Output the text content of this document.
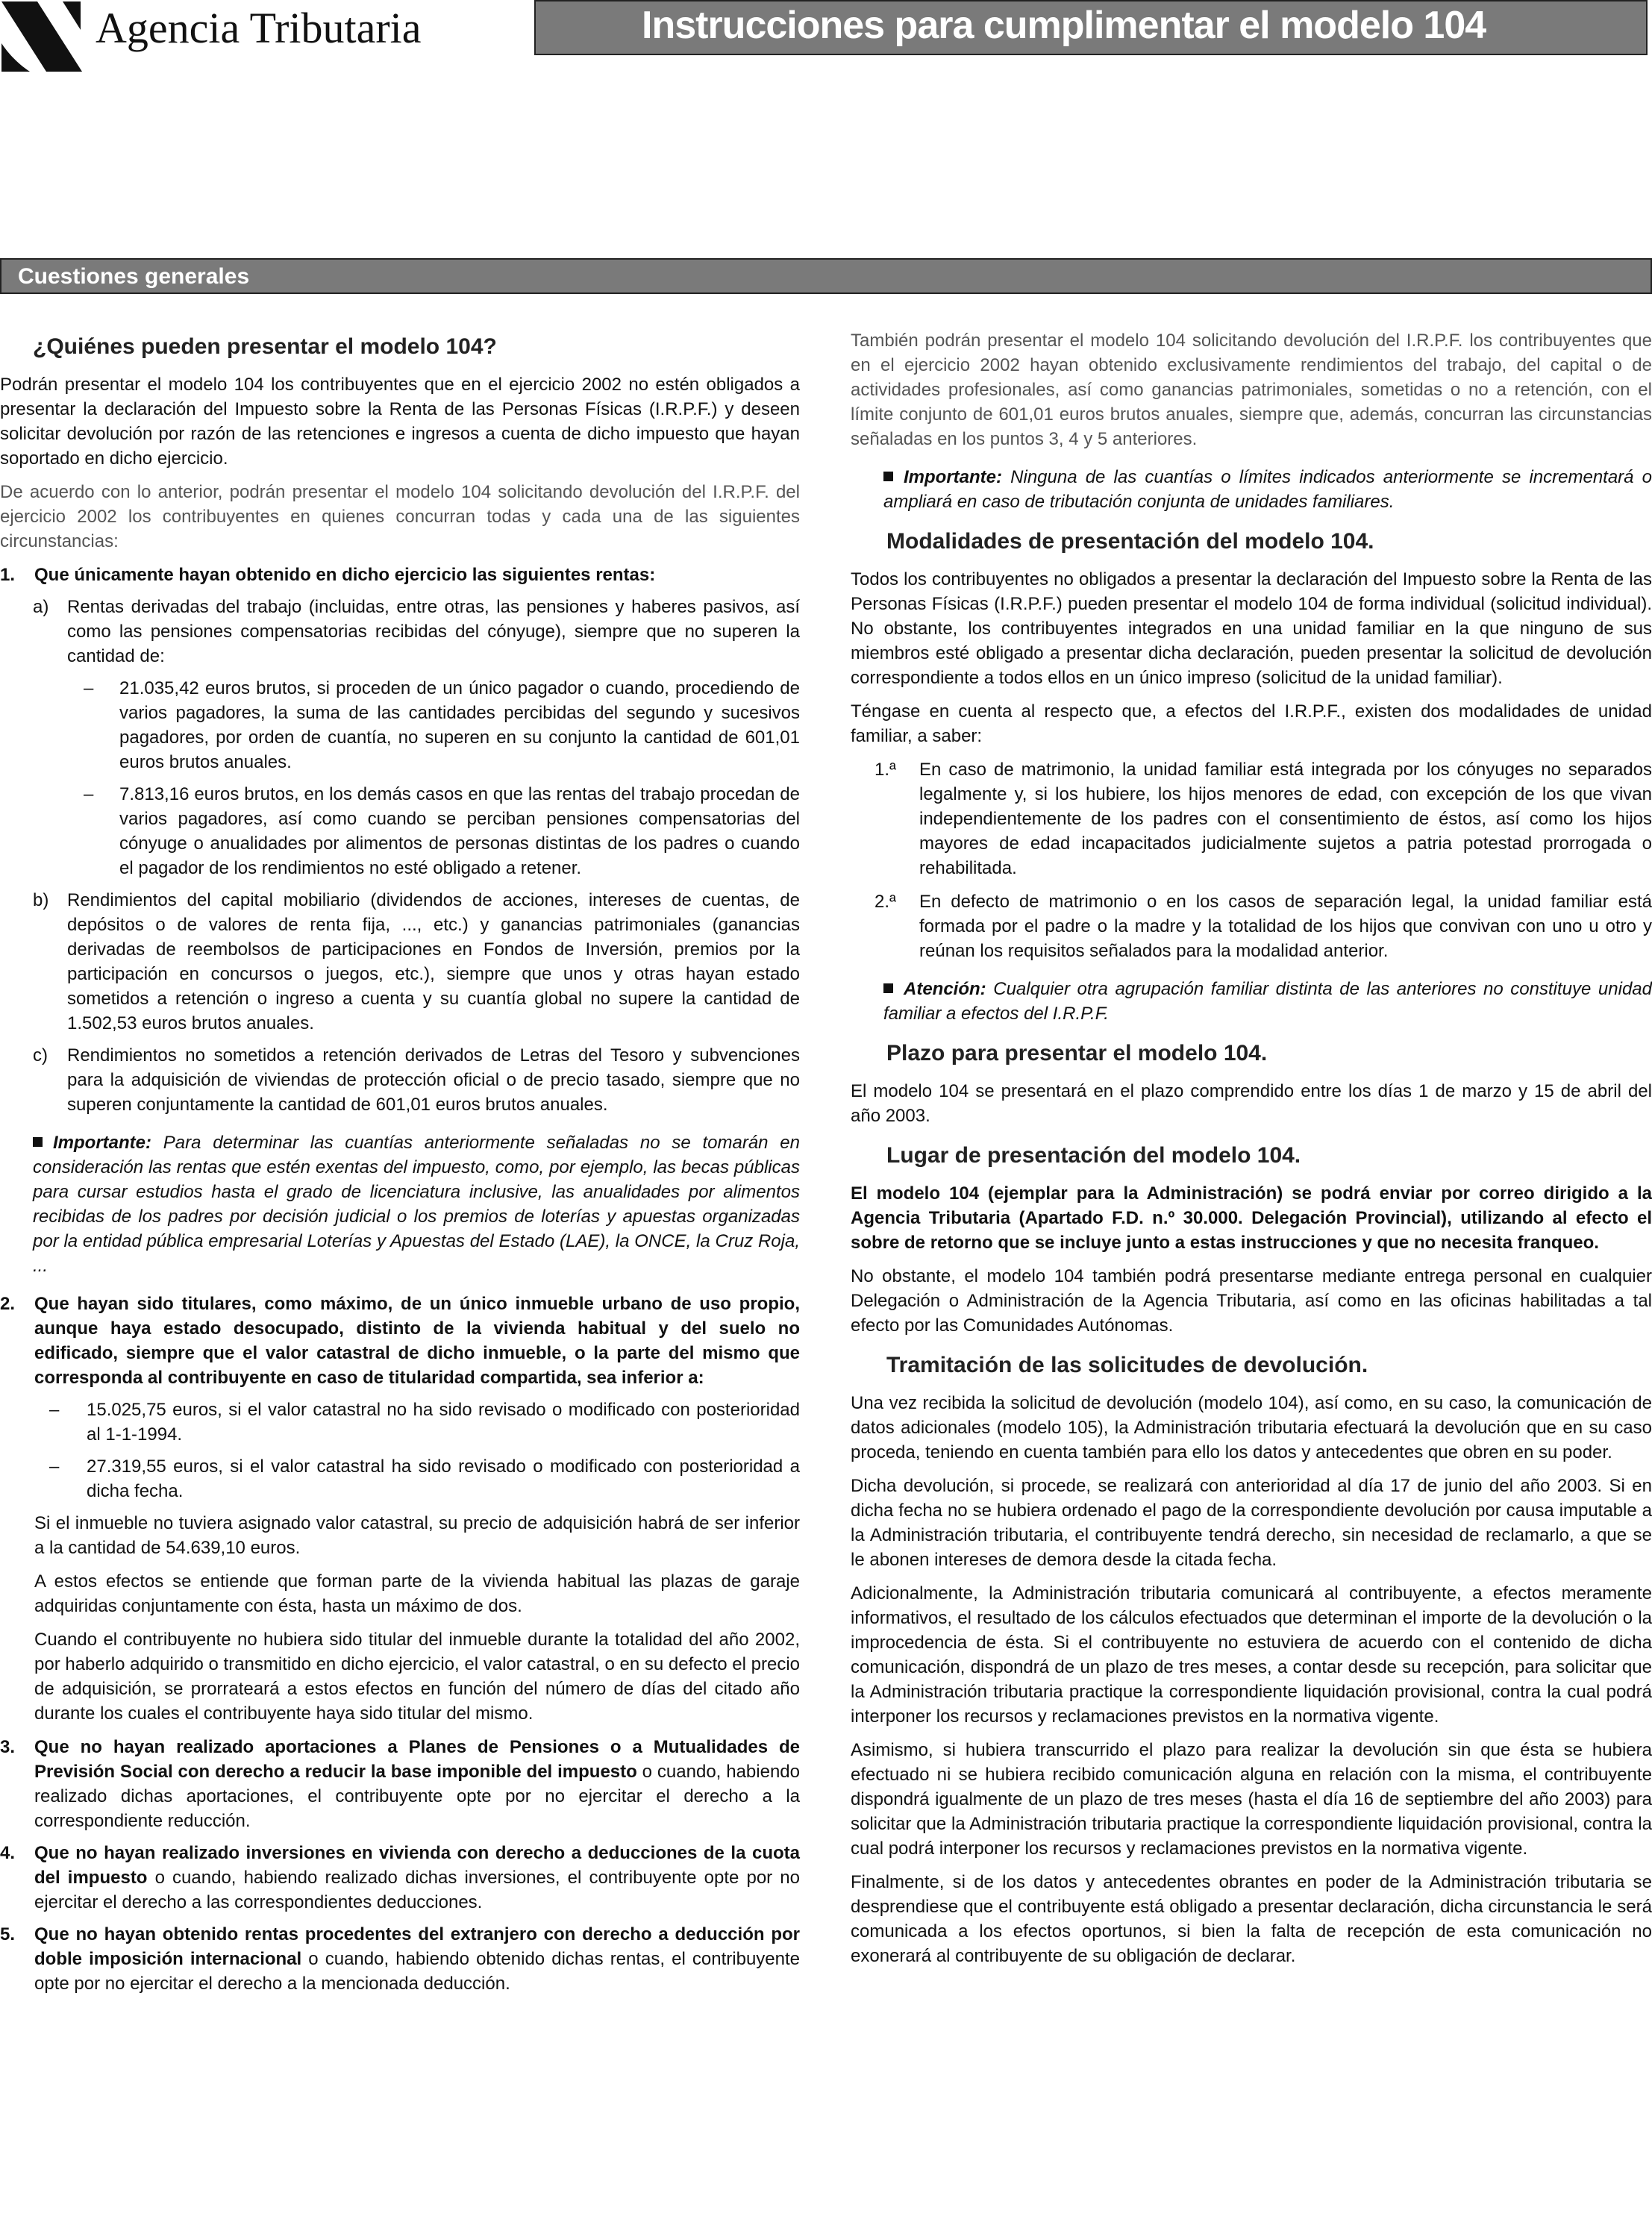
Agencia Tributaria	Instrucciones para cumplimentar el modelo 104
Cuestiones generales

¿Quiénes pueden presentar el modelo 104?

Podrán presentar el modelo 104 los contribuyentes que en el ejercicio 2002 no estén obligados a presentar la declaración del Impuesto sobre la Renta de las Personas Físicas (I.R.P.F.) y deseen solicitar devolución por razón de las retenciones e ingresos a cuenta de dicho impuesto que hayan soportado en dicho ejercicio.

De acuerdo con lo anterior, podrán presentar el modelo 104 solicitando devolución del I.R.P.F. del ejercicio 2002 los contribuyentes en quienes concurran todas y cada una de las siguientes circunstancias:

1. Que únicamente hayan obtenido en dicho ejercicio las siguientes rentas:
a) Rentas derivadas del trabajo (incluidas, entre otras, las pensiones y haberes pasivos, así como las pensiones compensatorias recibidas del cónyuge), siempre que no superen la cantidad de:
– 21.035,42 euros brutos, si proceden de un único pagador o cuando, procediendo de varios pagadores, la suma de las cantidades percibidas del segundo y sucesivos pagadores, por orden de cuantía, no superen en su conjunto la cantidad de 601,01 euros brutos anuales.
– 7.813,16 euros brutos, en los demás casos en que las rentas del trabajo procedan de varios pagadores, así como cuando se perciban pensiones compensatorias del cónyuge o anualidades por alimentos de personas distintas de los padres o cuando el pagador de los rendimientos no esté obligado a retener.
b) Rendimientos del capital mobiliario (dividendos de acciones, intereses de cuentas, de depósitos o de valores de renta fija, ..., etc.) y ganancias patrimoniales (ganancias derivadas de reembolsos de participaciones en Fondos de Inversión, premios por la participación en concursos o juegos, etc.), siempre que unos y otras hayan estado sometidos a retención o ingreso a cuenta y su cuantía global no supere la cantidad de 1.502,53 euros brutos anuales.
c) Rendimientos no sometidos a retención derivados de Letras del Tesoro y subvenciones para la adquisición de viviendas de protección oficial o de precio tasado, siempre que no superen conjuntamente la cantidad de 601,01 euros brutos anuales.

Importante: Para determinar las cuantías anteriormente señaladas no se tomarán en consideración las rentas que estén exentas del impuesto, como, por ejemplo, las becas públicas para cursar estudios hasta el grado de licenciatura inclusive, las anualidades por alimentos recibidas de los padres por decisión judicial o los premios de loterías y apuestas organizadas por la entidad pública empresarial Loterías y Apuestas del Estado (LAE), la ONCE, la Cruz Roja, ...

2. Que hayan sido titulares, como máximo, de un único inmueble urbano de uso propio, aunque haya estado desocupado, distinto de la vivienda habitual y del suelo no edificado, siempre que el valor catastral de dicho inmueble, o la parte del mismo que corresponda al contribuyente en caso de titularidad compartida, sea inferior a:
– 15.025,75 euros, si el valor catastral no ha sido revisado o modificado con posterioridad al 1-1-1994.
– 27.319,55 euros, si el valor catastral ha sido revisado o modificado con posterioridad a dicha fecha.

Si el inmueble no tuviera asignado valor catastral, su precio de adquisición habrá de ser inferior a la cantidad de 54.639,10 euros.

A estos efectos se entiende que forman parte de la vivienda habitual las plazas de garaje adquiridas conjuntamente con ésta, hasta un máximo de dos.

Cuando el contribuyente no hubiera sido titular del inmueble durante la totalidad del año 2002, por haberlo adquirido o transmitido en dicho ejercicio, el valor catastral, o en su defecto el precio de adquisición, se prorrateará a estos efectos en función del número de días del citado año durante los cuales el contribuyente haya sido titular del mismo.

3. Que no hayan realizado aportaciones a Planes de Pensiones o a Mutualidades de Previsión Social con derecho a reducir la base imponible del impuesto o cuando, habiendo realizado dichas aportaciones, el contribuyente opte por no ejercitar el derecho a la correspondiente reducción.
4. Que no hayan realizado inversiones en vivienda con derecho a deducciones de la cuota del impuesto o cuando, habiendo realizado dichas inversiones, el contribuyente opte por no ejercitar el derecho a las correspondientes deducciones.
5. Que no hayan obtenido rentas procedentes del extranjero con derecho a deducción por doble imposición internacional o cuando, habiendo obtenido dichas rentas, el contribuyente opte por no ejercitar el derecho a la mencionada deducción.

También podrán presentar el modelo 104 solicitando devolución del I.R.P.F. los contribuyentes que en el ejercicio 2002 hayan obtenido exclusivamente rendimientos del trabajo, del capital o de actividades profesionales, así como ganancias patrimoniales, sometidas o no a retención, con el límite conjunto de 601,01 euros brutos anuales, siempre que, además, concurran las circunstancias señaladas en los puntos 3, 4 y 5 anteriores.

Importante: Ninguna de las cuantías o límites indicados anteriormente se incrementará o ampliará en caso de tributación conjunta de unidades familiares.

Modalidades de presentación del modelo 104.

Todos los contribuyentes no obligados a presentar la declaración del Impuesto sobre la Renta de las Personas Físicas (I.R.P.F.) pueden presentar el modelo 104 de forma individual (solicitud individual). No obstante, los contribuyentes integrados en una unidad familiar en la que ninguno de sus miembros esté obligado a presentar dicha declaración, pueden presentar la solicitud de devolución correspondiente a todos ellos en un único impreso (solicitud de la unidad familiar).

Téngase en cuenta al respecto que, a efectos del I.R.P.F., existen dos modalidades de unidad familiar, a saber:

1.ª En caso de matrimonio, la unidad familiar está integrada por los cónyuges no separados legalmente y, si los hubiere, los hijos menores de edad, con excepción de los que vivan independientemente de los padres con el consentimiento de éstos, así como los hijos mayores de edad incapacitados judicialmente sujetos a patria potestad prorrogada o rehabilitada.
2.ª En defecto de matrimonio o en los casos de separación legal, la unidad familiar está formada por el padre o la madre y la totalidad de los hijos que convivan con uno u otro y reúnan los requisitos señalados para la modalidad anterior.

Atención: Cualquier otra agrupación familiar distinta de las anteriores no constituye unidad familiar a efectos del I.R.P.F.

Plazo para presentar el modelo 104.

El modelo 104 se presentará en el plazo comprendido entre los días 1 de marzo y 15 de abril del año 2003.

Lugar de presentación del modelo 104.

El modelo 104 (ejemplar para la Administración) se podrá enviar por correo dirigido a la Agencia Tributaria (Apartado F.D. n.º 30.000. Delegación Provincial), utilizando al efecto el sobre de retorno que se incluye junto a estas instrucciones y que no necesita franqueo.

No obstante, el modelo 104 también podrá presentarse mediante entrega personal en cualquier Delegación o Administración de la Agencia Tributaria, así como en las oficinas habilitadas a tal efecto por las Comunidades Autónomas.

Tramitación de las solicitudes de devolución.

Una vez recibida la solicitud de devolución (modelo 104), así como, en su caso, la comunicación de datos adicionales (modelo 105), la Administración tributaria efectuará la devolución que en su caso proceda, teniendo en cuenta también para ello los datos y antecedentes que obren en su poder.

Dicha devolución, si procede, se realizará con anterioridad al día 17 de junio del año 2003. Si en dicha fecha no se hubiera ordenado el pago de la correspondiente devolución por causa imputable a la Administración tributaria, el contribuyente tendrá derecho, sin necesidad de reclamarlo, a que se le abonen intereses de demora desde la citada fecha.

Adicionalmente, la Administración tributaria comunicará al contribuyente, a efectos meramente informativos, el resultado de los cálculos efectuados que determinan el importe de la devolución o la improcedencia de ésta. Si el contribuyente no estuviera de acuerdo con el contenido de dicha comunicación, dispondrá de un plazo de tres meses, a contar desde su recepción, para solicitar que la Administración tributaria practique la correspondiente liquidación provisional, contra la cual podrá interponer los recursos y reclamaciones previstos en la normativa vigente.

Asimismo, si hubiera transcurrido el plazo para realizar la devolución sin que ésta se hubiera efectuado ni se hubiera recibido comunicación alguna en relación con la misma, el contribuyente dispondrá igualmente de un plazo de tres meses (hasta el día 16 de septiembre del año 2003) para solicitar que la Administración tributaria practique la correspondiente liquidación provisional, contra la cual podrá interponer los recursos y reclamaciones previstos en la normativa vigente.

Finalmente, si de los datos y antecedentes obrantes en poder de la Administración tributaria se desprendiese que el contribuyente está obligado a presentar declaración, dicha circunstancia le será comunicada a los efectos oportunos, si bien la falta de recepción de esta comunicación no exonerará al contribuyente de su obligación de declarar.
